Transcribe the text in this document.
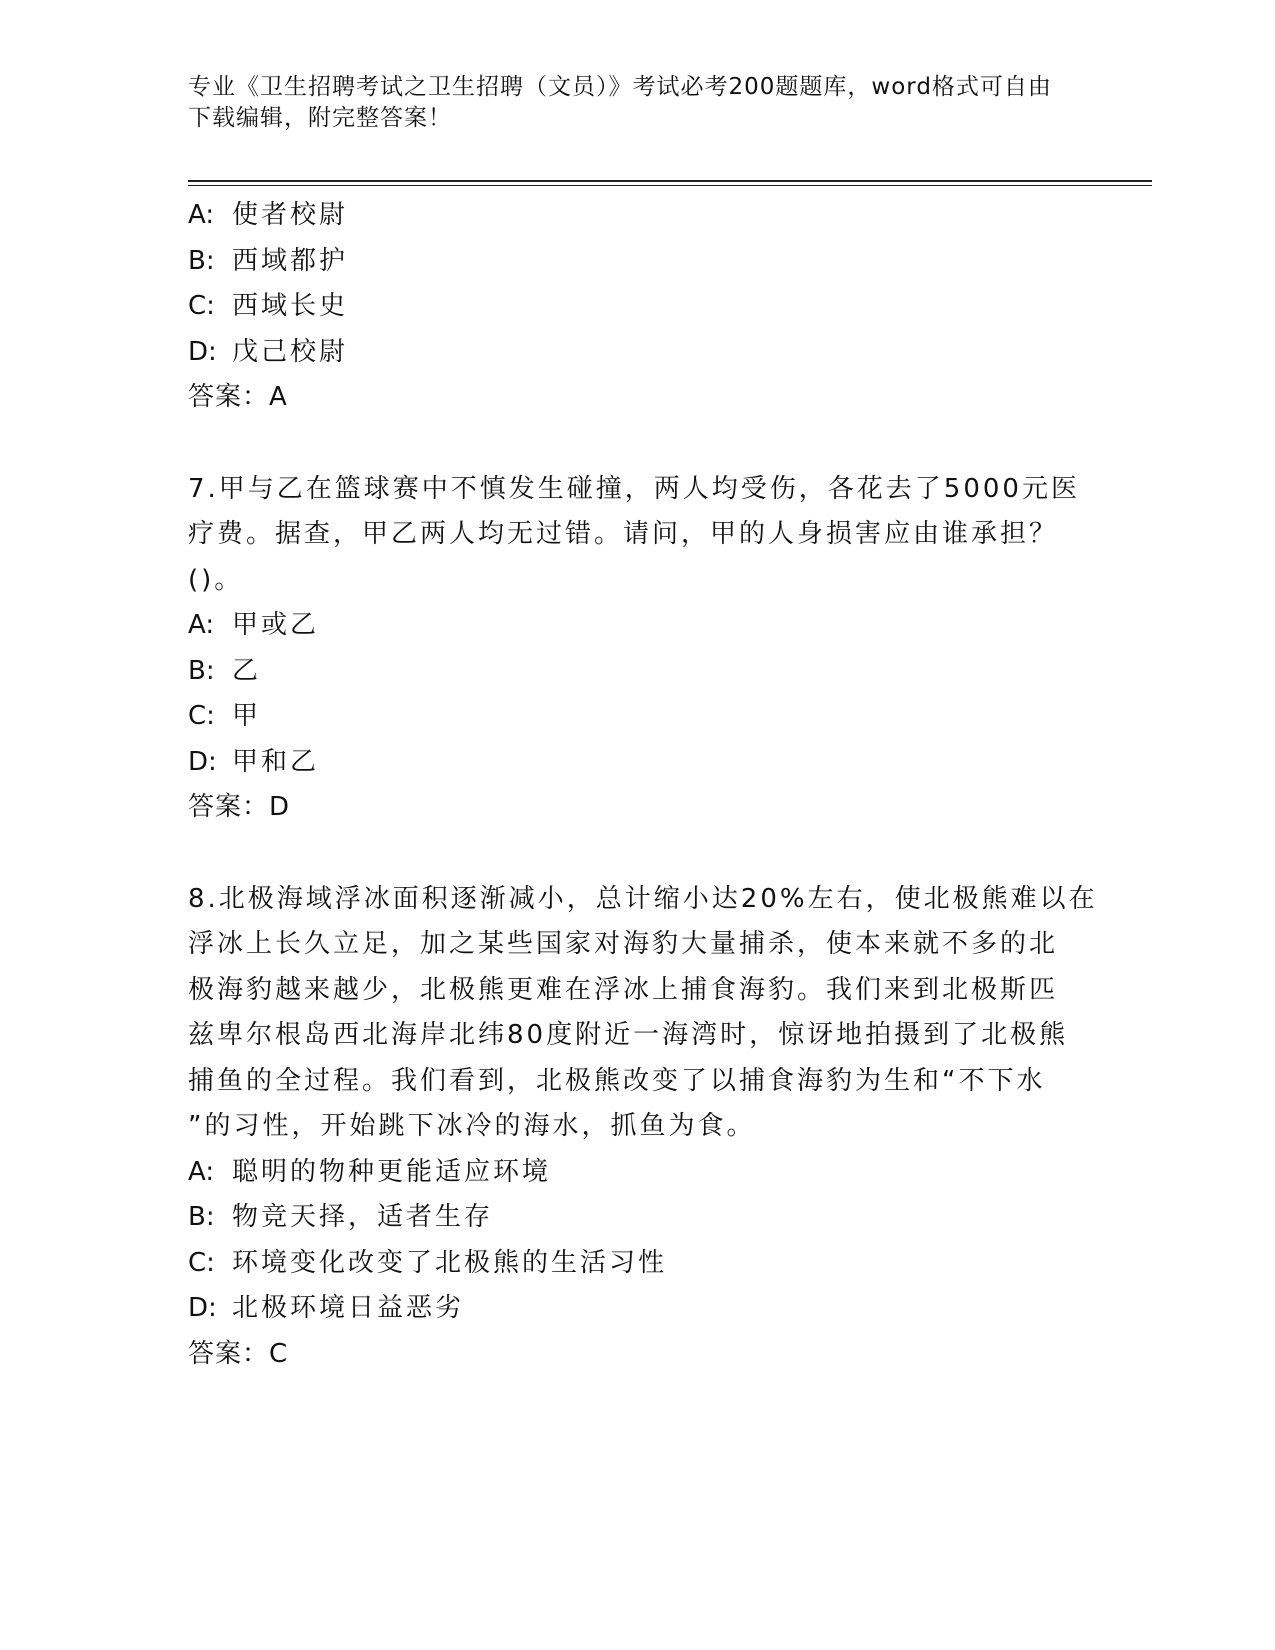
专业《卫生招聘考试之卫生招聘（文员）》考试必考200题题库，word格式可自由下载编辑，附完整答案！
A: 使者校尉
B: 西域都护
C: 西域长史
D: 戊己校尉
答案：A
7.甲与乙在篮球赛中不慎发生碰撞，两人均受伤，各花去了5000元医
疗费。据查，甲乙两人均无过错。请问，甲的人身损害应由谁承担？
()。
A: 甲或乙
B: 乙
C: 甲
D: 甲和乙
答案：D
8.北极海域浮冰面积逐渐减小，总计缩小达20%左右，使北极熊难以在
浮冰上长久立足，加之某些国家对海豹大量捕杀，使本来就不多的北
极海豹越来越少，北极熊更难在浮冰上捕食海豹。我们来到北极斯匹
兹卑尔根岛西北海岸北纬80度附近一海湾时，惊讶地拍摄到了北极熊
捕鱼的全过程。我们看到，北极熊改变了以捕食海豹为生和“不下水
”的习性，开始跳下冰冷的海水，抓鱼为食。
A: 聪明的物种更能适应环境
B: 物竞天择，适者生存
C: 环境变化改变了北极熊的生活习性
D: 北极环境日益恶劣
答案：C
